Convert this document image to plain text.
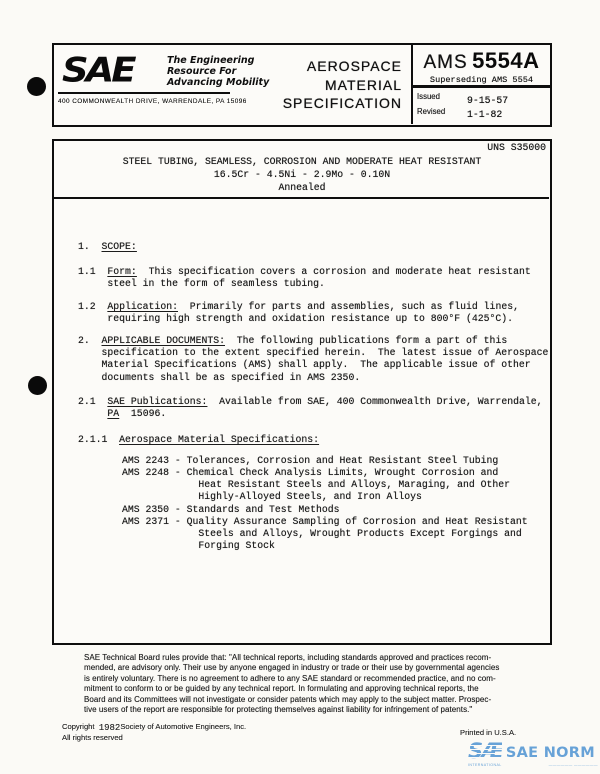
SAE	The Engineering
Resource For
Advancing Mobility
400 COMMONWEALTH DRIVE, WARRENDALE, PA 15096
AEROSPACE
MATERIAL
SPECIFICATION
AMS 5554A
Superseding AMS 5554
Issued	9-15-57
Revised 1-1-82
UNS S35000
STEEL TUBING, SEAMLESS, CORROSION AND MODERATE HEAT RESISTANT
16.5Cr - 4.5Ni - 2.9Mo - 0.10N
Annealed
1.  SCOPE:
1.1  Form:  This specification covers a corrosion and moderate heat resistant
steel in the form of seamless tubing.
1.2  Application:  Primarily for parts and assemblies, such as fluid lines,
requiring high strength and oxidation resistance up to 800°F (425°C).
2.  APPLICABLE DOCUMENTS:  The following publications form a part of this
specification to the extent specified herein.  The latest issue of Aerospace
Material Specifications (AMS) shall apply.  The applicable issue of other
documents shall be as specified in AMS 2350.
2.1  SAE Publications:  Available from SAE, 400 Commonwealth Drive, Warrendale,
PA  15096.
2.1.1  Aerospace Material Specifications:
AMS 2243 - Tolerances, Corrosion and Heat Resistant Steel Tubing
AMS 2248 - Chemical Check Analysis Limits, Wrought Corrosion and
Heat Resistant Steels and Alloys, Maraging, and Other
Highly-Alloyed Steels, and Iron Alloys
AMS 2350 - Standards and Test Methods
AMS 2371 - Quality Assurance Sampling of Corrosion and Heat Resistant
Steels and Alloys, Wrought Products Except Forgings and
Forging Stock
SAE Technical Board rules provide that: "All technical reports, including standards approved and practices recom-
mended, are advisory only. Their use by anyone engaged in industry or trade or their use by governmental agencies
is entirely voluntary. There is no agreement to adhere to any SAE standard or recommended practice, and no com-
mitment to conform to or be guided by any technical report. In formulating and approving technical reports, the
Board and its Committees will not investigate or consider patents which may apply to the subject matter. Prospec-
tive users of the report are responsible for protecting themselves against liability for infringement of patents."
Copyright 1982Society of Automotive Engineers, Inc.
All rights reserved
Printed in U.S.A.
SÆ SAE NORM
INTERNATIONAL	—————— ——————
